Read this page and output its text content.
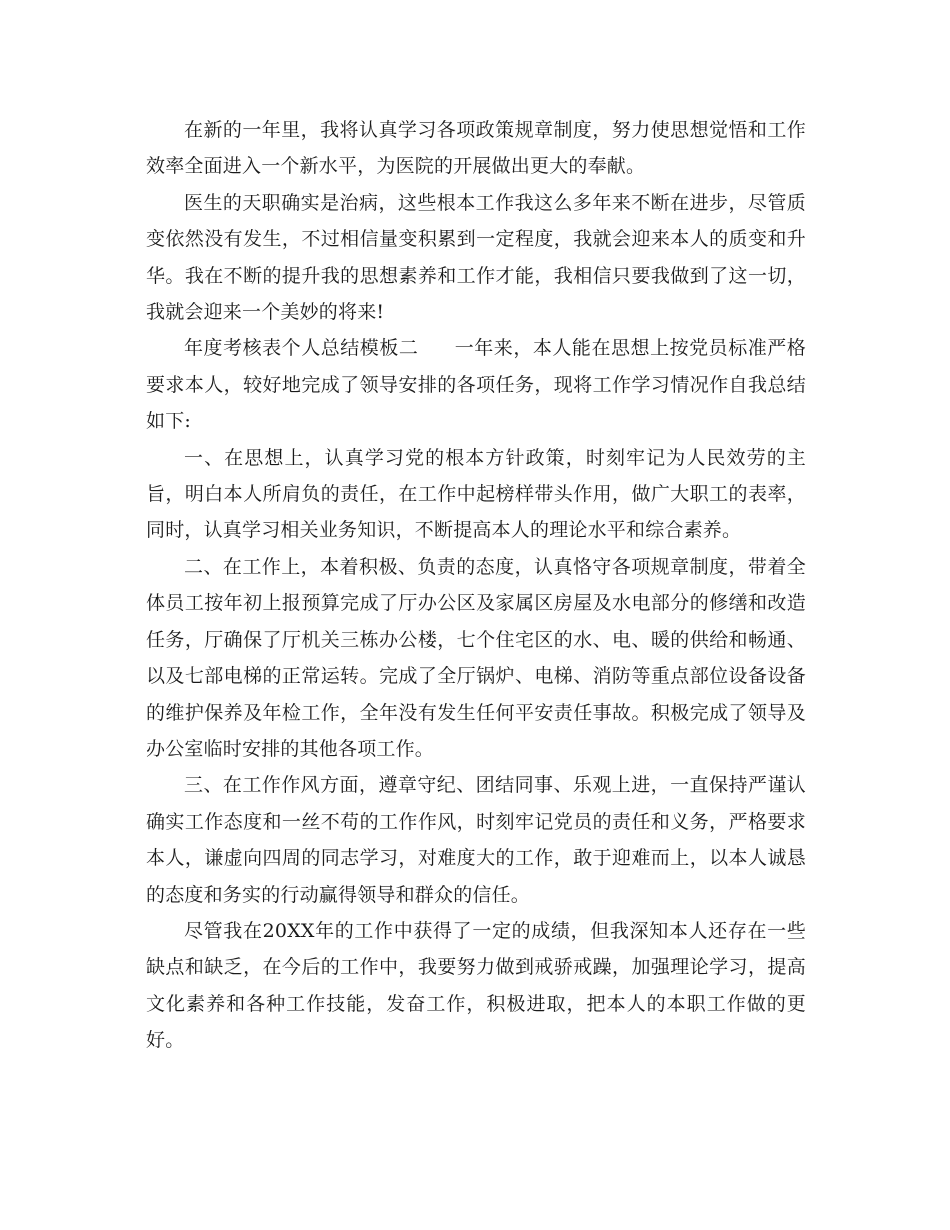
在新的一年里，我将认真学习各项政策规章制度，努力使思想觉悟和工作效率全面进入一个新水平，为医院的开展做出更大的奉献。

医生的天职确实是治病，这些根本工作我这么多年来不断在进步，尽管质变依然没有发生，不过相信量变积累到一定程度，我就会迎来本人的质变和升华。我在不断的提升我的思想素养和工作才能，我相信只要我做到了这一切，我就会迎来一个美妙的将来!

年度考核表个人总结模板二 一年来，本人能在思想上按党员标准严格要求本人，较好地完成了领导安排的各项任务，现将工作学习情况作自我总结如下:

一、在思想上，认真学习党的根本方针政策，时刻牢记为人民效劳的主旨，明白本人所肩负的责任，在工作中起榜样带头作用，做广大职工的表率，同时，认真学习相关业务知识，不断提高本人的理论水平和综合素养。

二、在工作上，本着积极、负责的态度，认真恪守各项规章制度，带着全体员工按年初上报预算完成了厅办公区及家属区房屋及水电部分的修缮和改造任务，厅确保了厅机关三栋办公楼，七个住宅区的水、电、暖的供给和畅通、以及七部电梯的正常运转。完成了全厅锅炉、电梯、消防等重点部位设备设备的维护保养及年检工作，全年没有发生任何平安责任事故。积极完成了领导及办公室临时安排的其他各项工作。

三、在工作作风方面，遵章守纪、团结同事、乐观上进，一直保持严谨认确实工作态度和一丝不苟的工作作风，时刻牢记党员的责任和义务，严格要求本人，谦虚向四周的同志学习，对难度大的工作，敢于迎难而上，以本人诚恳的态度和务实的行动赢得领导和群众的信任。

尽管我在20XX年的工作中获得了一定的成绩，但我深知本人还存在一些缺点和缺乏，在今后的工作中，我要努力做到戒骄戒躁，加强理论学习，提高文化素养和各种工作技能，发奋工作，积极进取，把本人的本职工作做的更好。
